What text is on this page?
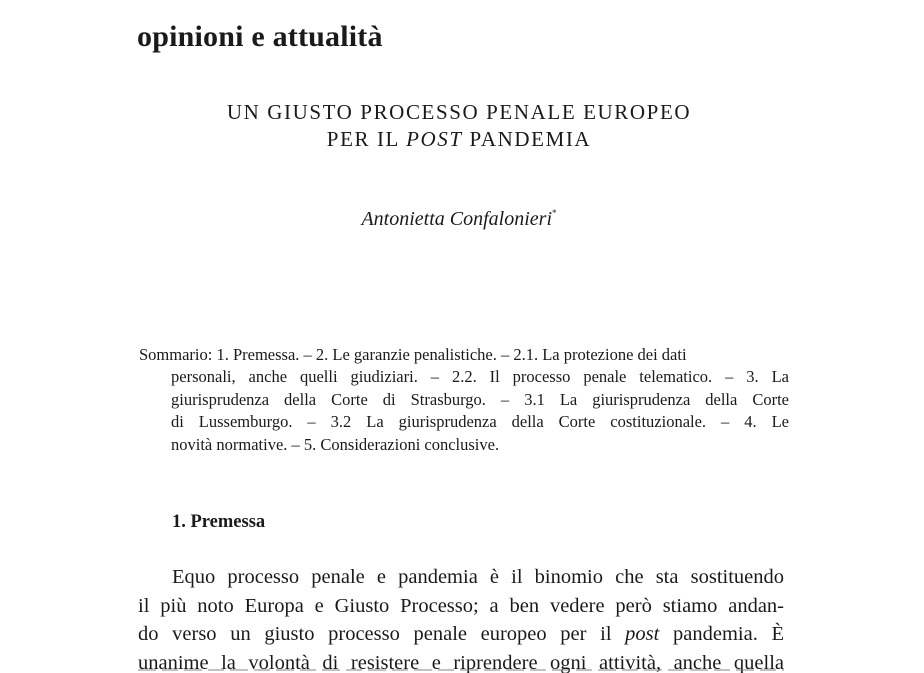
opinioni e attualità
UN GIUSTO PROCESSO PENALE EUROPEO
PER IL POST PANDEMIA
Antonietta Confalonieri*
Sommario: 1. Premessa. – 2. Le garanzie penalistiche. – 2.1. La protezione dei dati
personali, anche quelli giudiziari. – 2.2. Il processo penale telematico. – 3. La
giurisprudenza della Corte di Strasburgo. – 3.1 La giurisprudenza della Corte
di Lussemburgo. – 3.2 La giurisprudenza della Corte costituzionale. – 4. Le
novità normative. – 5. Considerazioni conclusive.
1. Premessa
Equo processo penale e pandemia è il binomio che sta sostituendo
il più noto Europa e Giusto Processo; a ben vedere però stiamo andan-
do verso un giusto processo penale europeo per il post pandemia. È
unanime la volontà di resistere e riprendere ogni attività, anche quella
